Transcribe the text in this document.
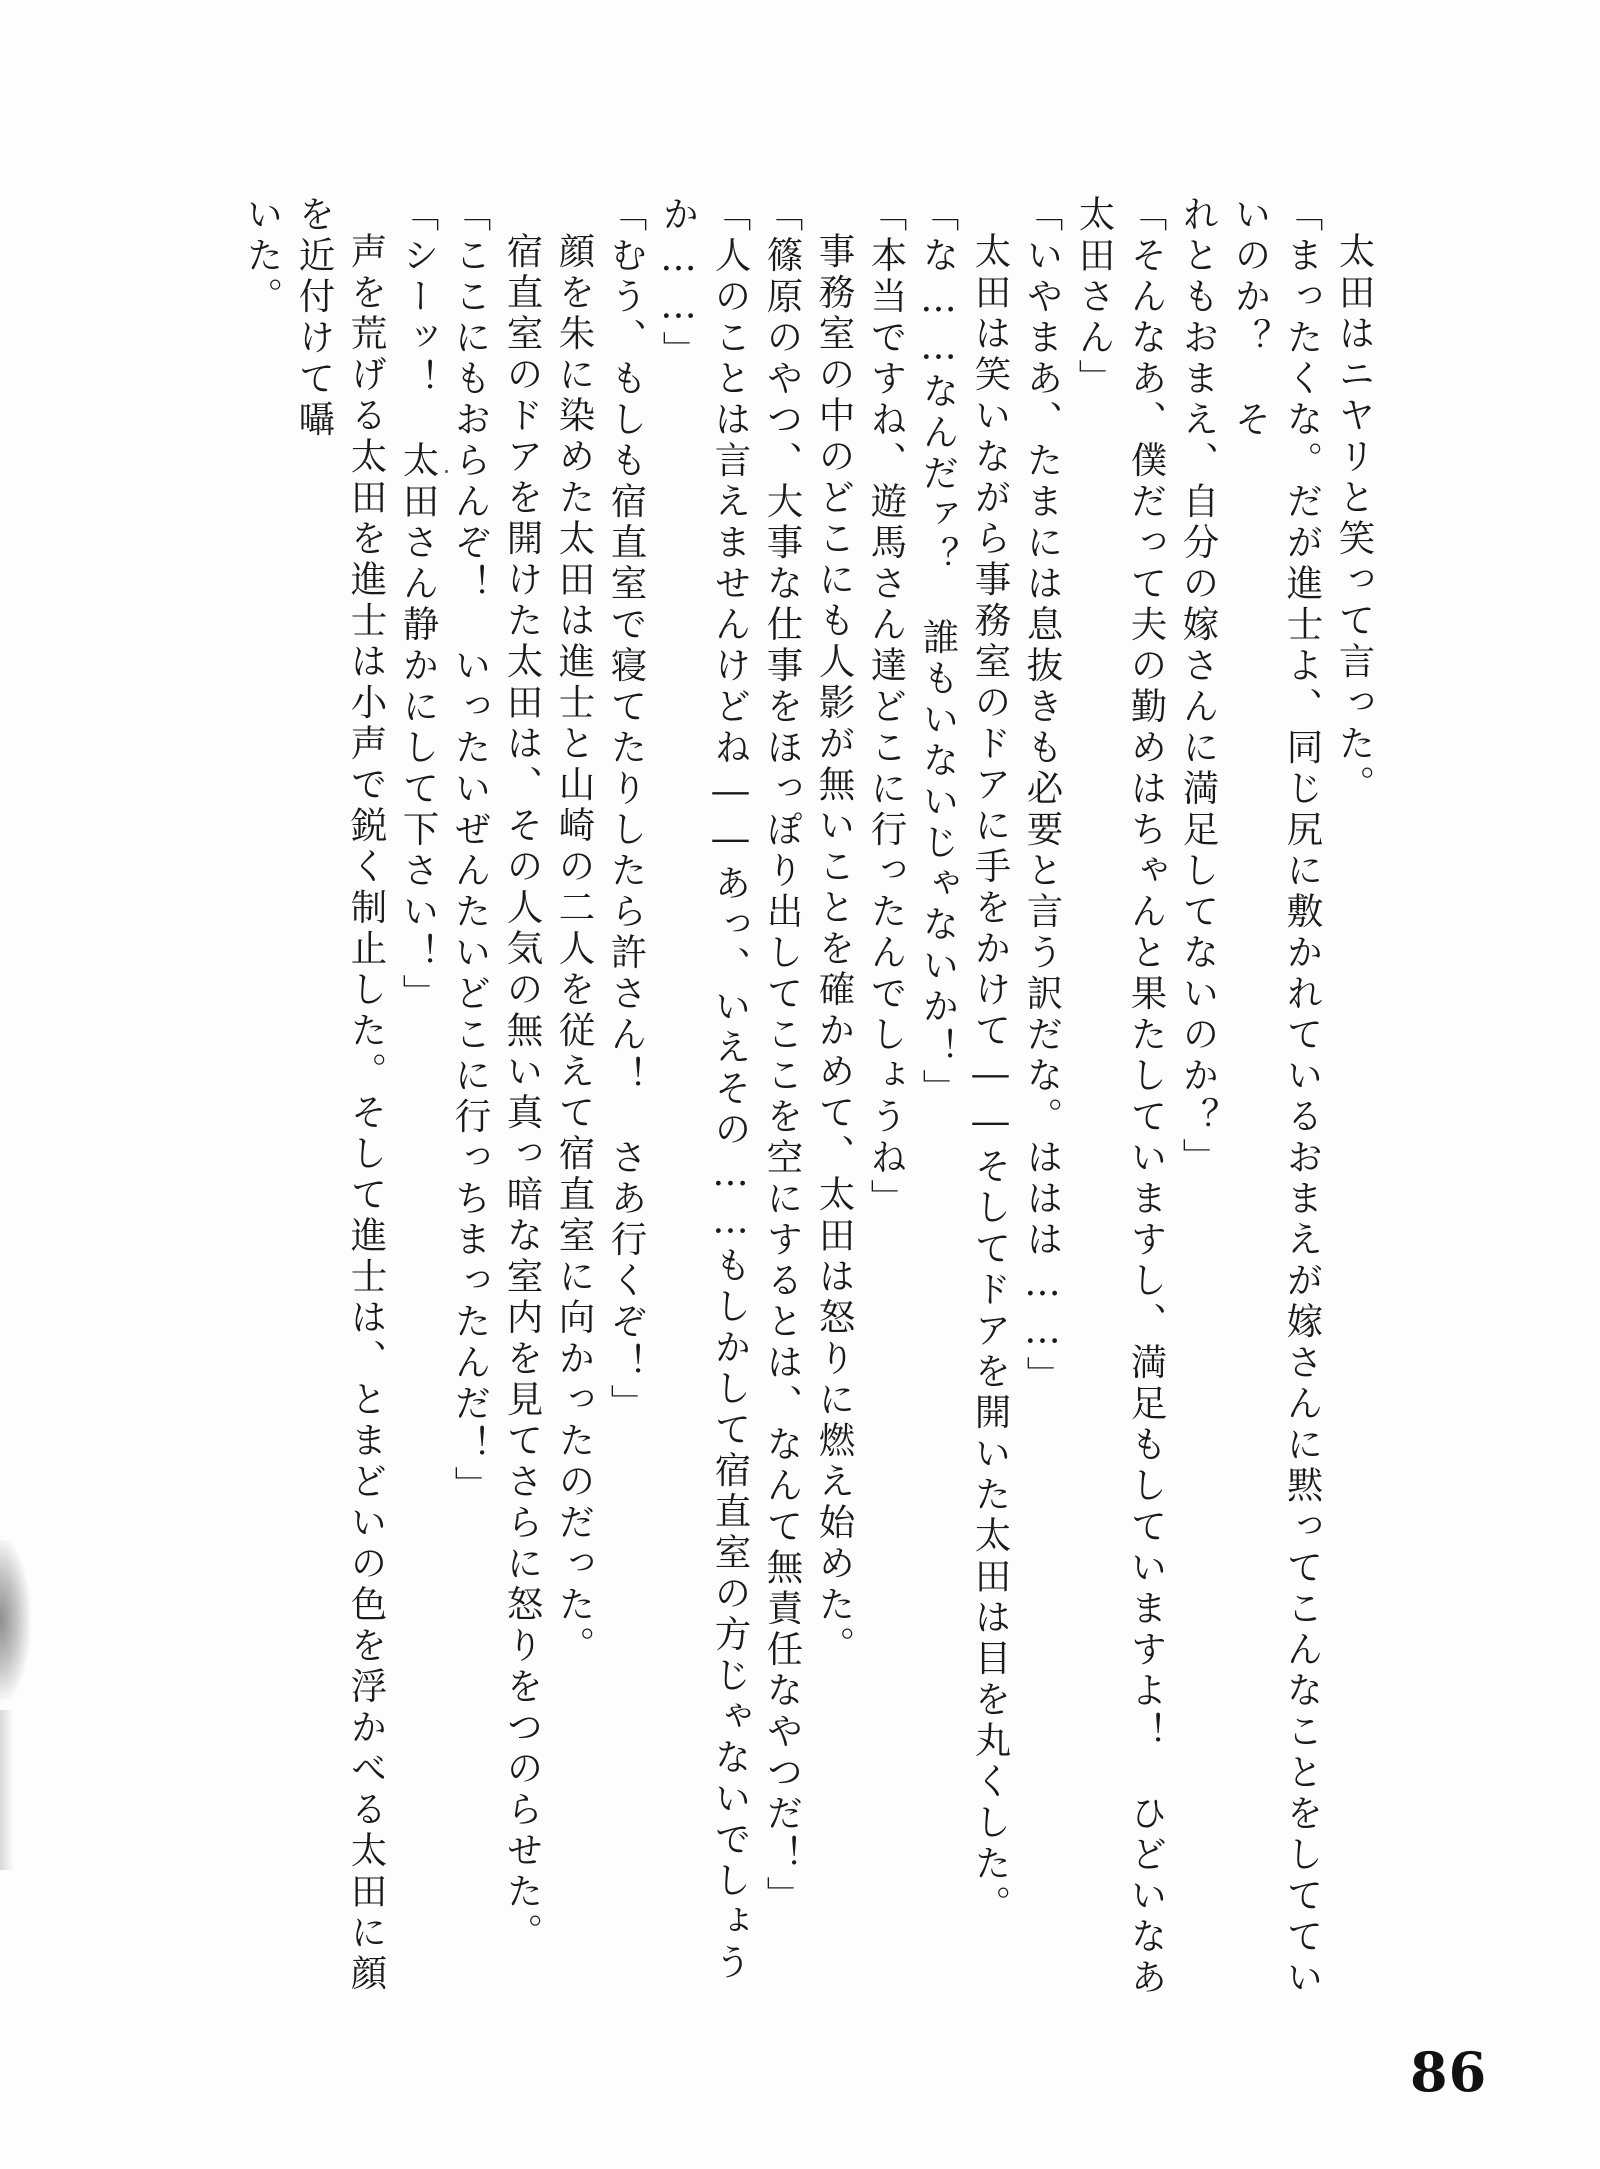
太田はニヤリと笑って言った。
「まったくな。だが進士よ、同じ尻に敷かれているおまえが嫁さんに黙ってこんなことをしてていいのか？　そ
れともおまえ、自分の嫁さんに満足してないのか？」
「そんなあ、僕だって夫の勤めはちゃんと果たしていますし、満足もしていますよ！　ひどいなあ太田さん」
「いやまあ、たまには息抜きも必要と言う訳だな。ははは……」
太田は笑いながら事務室のドアに手をかけて――そしてドアを開いた太田は目を丸くした。
「な……なんだァ？　誰もいないじゃないか！」
「本当ですね、遊馬さん達どこに行ったんでしょうね」
事務室の中のどこにも人影が無いことを確かめて、太田は怒りに燃え始めた。
「篠原のやつ、大事な仕事をほっぽり出してここを空にするとは、なんて無責任なやつだ！」
「人のことは言えませんけどね――あっ、いえその……もしかして宿直室の方じゃないでしょうか……」
「むう、もしも宿直室で寝てたりしたら許さん！　さあ行くぞ！」
顔を朱に染めた太田は進士と山崎の二人を従えて宿直室に向かったのだった。
宿直室のドアを開けた太田は、その人気の無い真っ暗な室内を見てさらに怒りをつのらせた。
「ここにもおらんぞ！　いったいぜんたいどこに行っちまったんだ！」
「シーッ！　太田さん静かにして下さい！」
声を荒げる太田を進士は小声で鋭く制止した。そして進士は、とまどいの色を浮かべる太田に顔を近付けて囁
いた。
86
